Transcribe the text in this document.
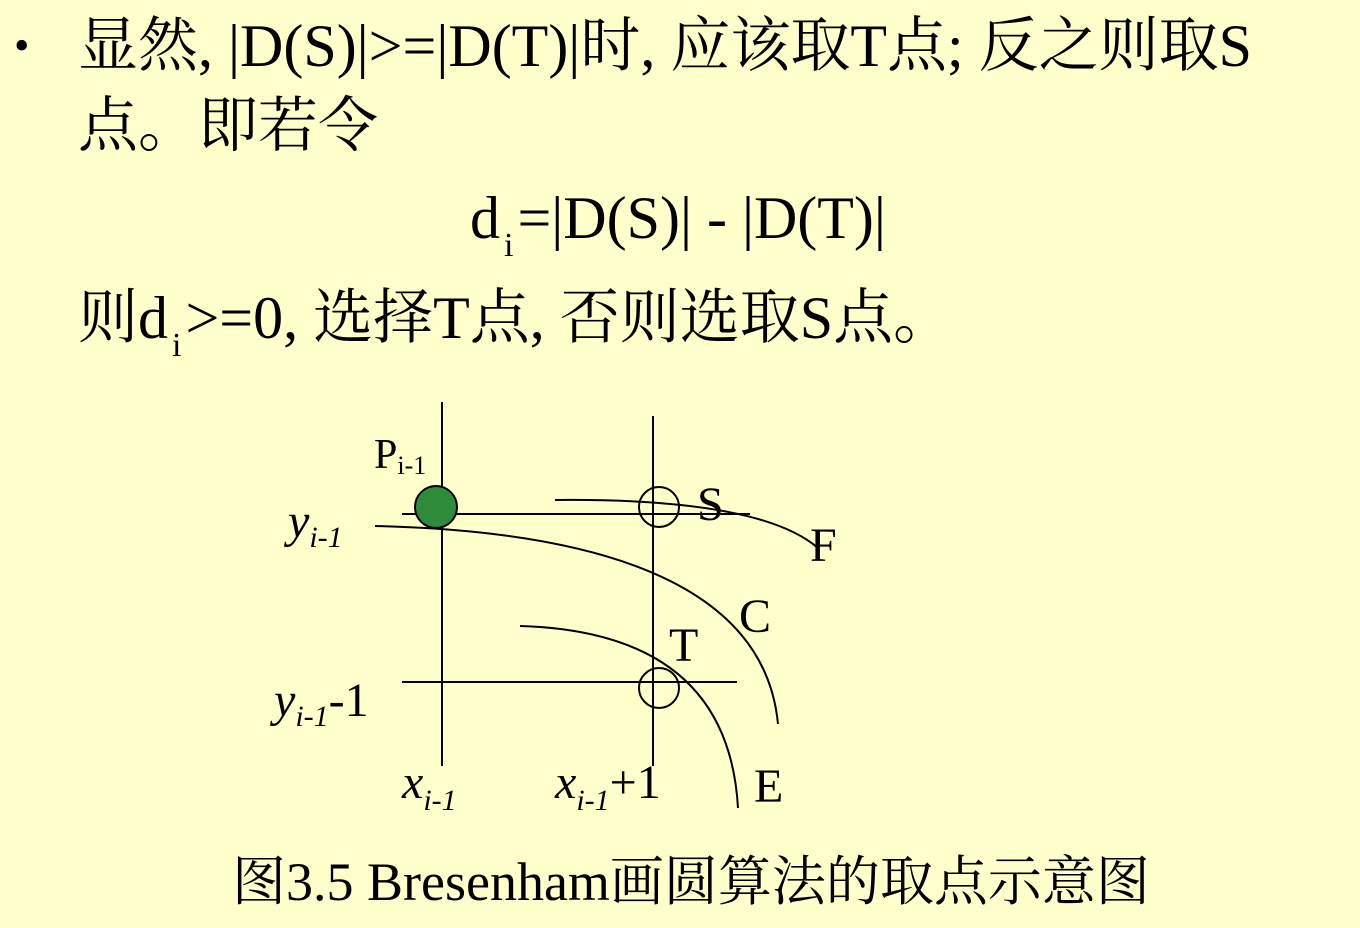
• 显然, |D(S)|>=|D(T)|时, 应该取T点; 反之则取S
点。即若令
d $_i$=|D(S)| - |D(T)|
则d $_i$>=0, 选择T点, 否则选取S点。
Pi-1
S
F
C
T
E
$y_{i-1}$
$y_{i-1}-1$
$x_{i-1}$ $x_{i-1}+1$
图3.5 Bresenham画圆算法的取点示意图
